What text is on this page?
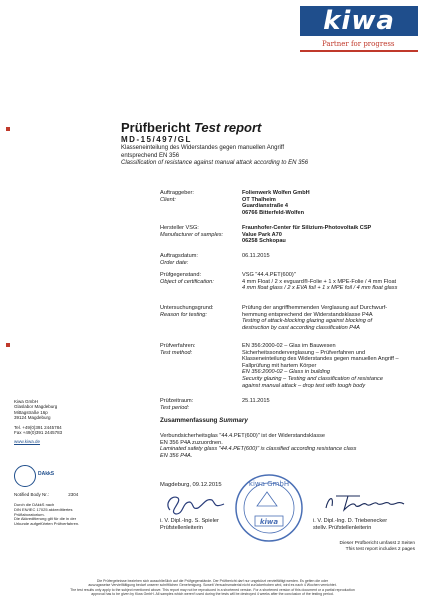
kiwa
Partner for progress
Prüfbericht Test report
MD-15/497/GL
Klasseneinteilung des Widerstandes gegen manuellen Angriff
entsprechend EN 356
Classification of resistance against manual attack according to EN 356
Auftraggeber:
Client:
Folienwerk Wolfen GmbH
OT Thalheim
Guardianstraße 4
06766 Bitterfeld-Wolfen
Hersteller VSG:
Manufacturer of samples:
Fraunhofer-Center für Silizium-Photovoltaik CSP
Value Park A70
06258 Schkopau
Auftragsdatum:
Order date:
06.11.2015
Prüfgegenstand:
Object of certification:
VSG "44.4.PET(600)"
4 mm Float / 2 x evguard®-Folie + 1 x MPE-Folie / 4 mm Float
4 mm float glass / 2 x EVA foil + 1 x MPE foil / 4 mm float glass
Untersuchungsgrund:
Reason for testing:
Prüfung der angriffhemmenden Verglasung auf Durchwurf-
hemmung entsprechend der Widerstandsklasse P4A
Testing of attack-blocking glazing against blocking of
destruction by cast according classification P4A
Prüfverfahren:
Test method:
EN 356:2000-02 – Glas im Bauwesen
Sicherheitssonderverglasung – Prüfverfahren und
Klasseneinteilung des Widerstandes gegen manuellen Angriff –
Fallprüfung mit hartem Körper
EN 356:2000-02 – Glass in building
Security glazing – Testing and classification of resistance
against manual attack – drop test with tough body
Prüfzeitraum:
Test period:
25.11.2015
Kiwa GmbH
Glaslabor Magdeburg
Mittagstraße 16p
39124 Magdeburg
Tel. +49(0)391 2445784
Fax +49(0)391 2445783
www.kiwa.de
DAkkS
Notified Body Nr.:	2304
Durch die DAkkS nach
DIN EN/IEC 17025 akkreditiertes
Prüflaboratorium.
Die Akkreditierung gilt für die in der
Urkunde aufgeführten Prüfverfahren.
Zusammenfassung Summary
Verbundsicherheitsglas "44.4.PET(600)" ist der Widerstandsklasse
EN 356 P4A zuzuordnen.
Laminated safety glass "44.4.PET(600)" is classified according resistance class
EN 356 P4A.
Magdeburg, 09.12.2015
i. V. Dipl.-Ing. S. Spieler
Prüfstellenleiterin
kiwa GmbH
kiwa	i. V. Dipl.-Ing. D. Triebenecker
stellv. Prüfstellenleiterin
Dieser Prüfbericht umfasst 2 Seiten
This test report includes 2 pages
Die Prüfergebnisse beziehen sich ausschließlich auf die Prüfgegenstände. Der Prüfbericht darf nur ungekürzt vervielfältigt werden. Es gelten die oder
auszugsweise Vervielfältigung bedarf unserer schriftlichen Genehmigung. Soweit Versuchsmaterial nicht zurückerhoben wird, wird es nach 4 Wochen vernichtet.
The test results only apply to the subject mentioned above. This report may not be reproduced in a shortened version. For a shortened version of this document or a partial reproduction
approval has to be given by Kiwa GmbH. All samples which weren't used during the tests will be destroyed 4 weeks after the conclusion of the testing period.
